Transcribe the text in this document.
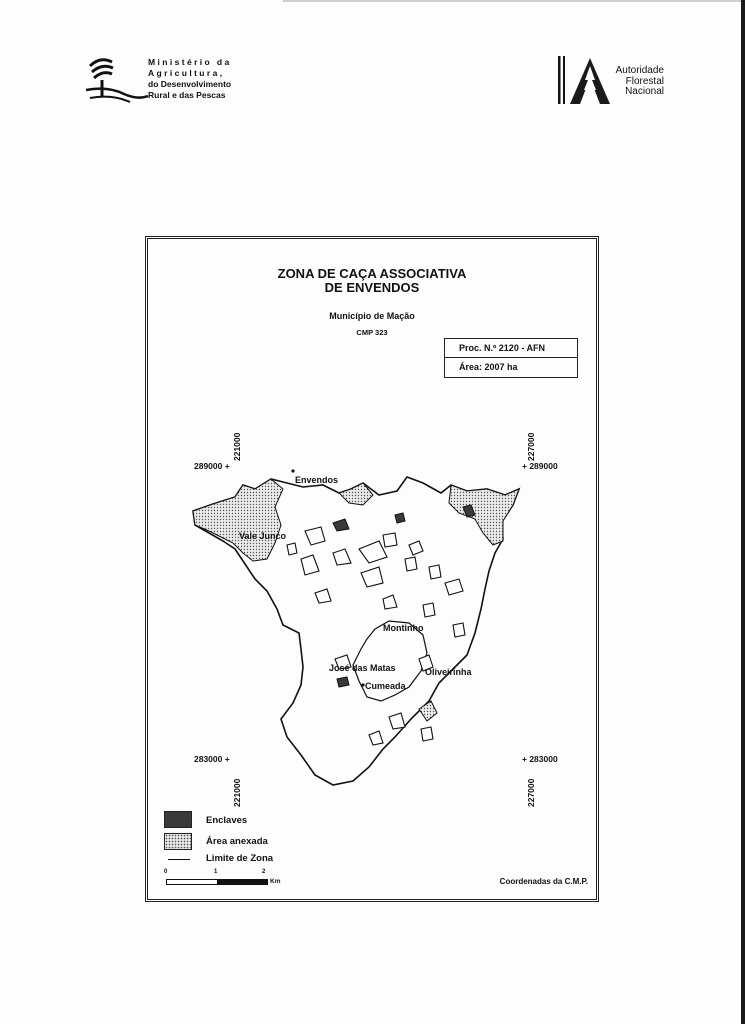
Ministério da
Agricultura,
do Desenvolvimento
Rural e das Pescas
Autoridade
Florestal
Nacional
ZONA DE CAÇA ASSOCIATIVA
DE ENVENDOS
Município de Mação
CMP 323
Proc. N.º 2120 - AFN
Área: 2007 ha
289000 +	+ 289000
283000 +	+ 283000
221000	227000
221000	227000
Envendos
Vale Junco
Montinho
José das Matas	Oliveirinha
Cumeada
Enclaves
Área anexada
Limite de Zona
0	1	2
Km	Coordenadas da C.M.P.
